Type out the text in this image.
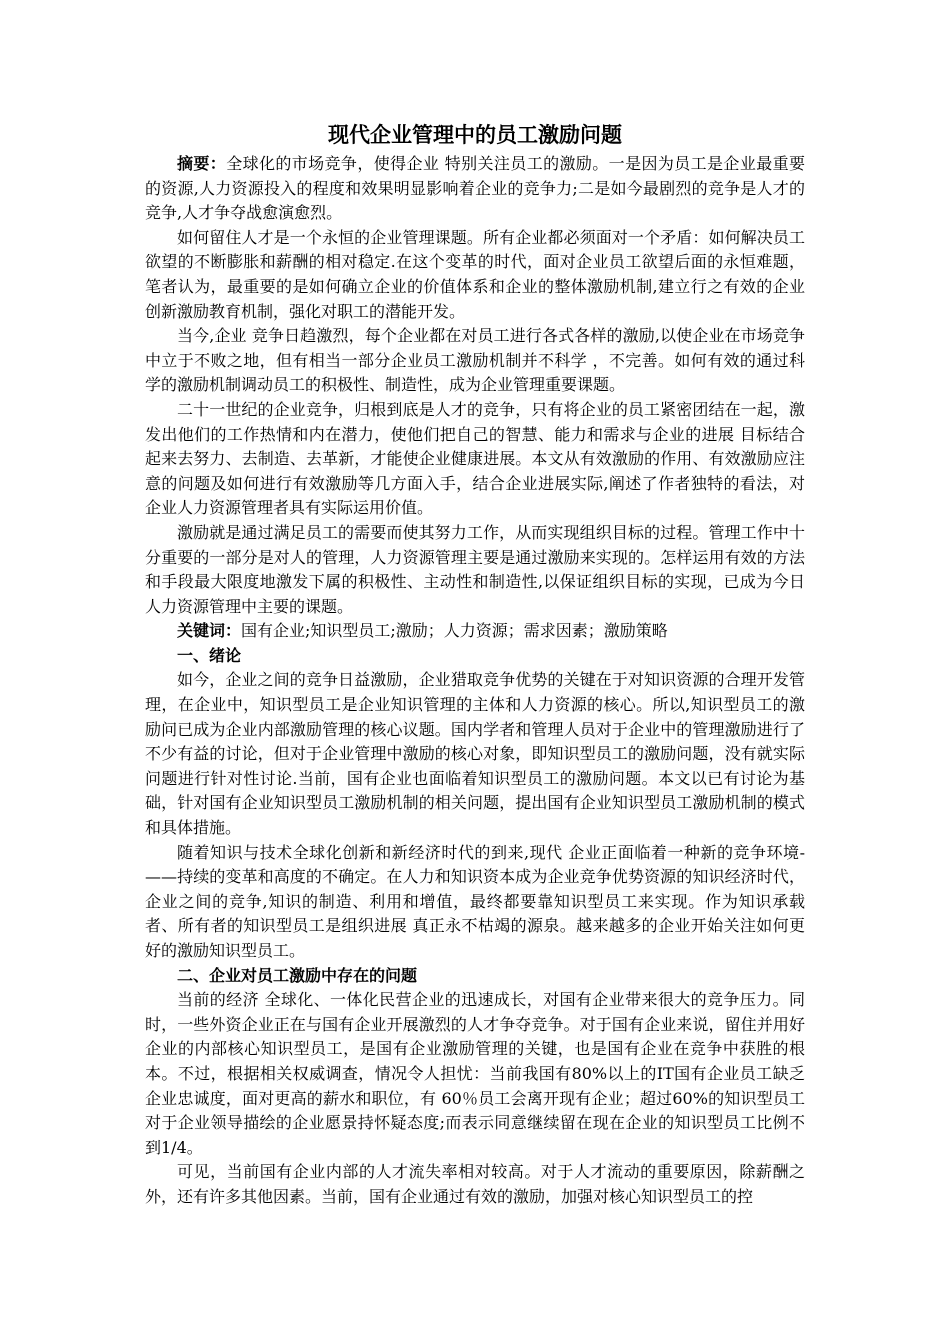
现代企业管理中的员工激励问题

摘要：全球化的市场竞争，使得企业 特别关注员工的激励。一是因为员工是企业最重要的资源,人力资源投入的程度和效果明显影响着企业的竞争力;二是如今最剧烈的竞争是人才的竞争,人才争夺战愈演愈烈。

如何留住人才是一个永恒的企业管理课题。所有企业都必须面对一个矛盾：如何解决员工欲望的不断膨胀和薪酬的相对稳定.在这个变革的时代，面对企业员工欲望后面的永恒难题，笔者认为，最重要的是如何确立企业的价值体系和企业的整体激励机制,建立行之有效的企业创新激励教育机制，强化对职工的潜能开发。

当今,企业 竞争日趋激烈，每个企业都在对员工进行各式各样的激励,以使企业在市场竞争中立于不败之地，但有相当一部分企业员工激励机制并不科学 ，不完善。如何有效的通过科学的激励机制调动员工的积极性、制造性，成为企业管理重要课题。

二十一世纪的企业竞争，归根到底是人才的竞争，只有将企业的员工紧密团结在一起，激发出他们的工作热情和内在潜力，使他们把自己的智慧、能力和需求与企业的进展 目标结合起来去努力、去制造、去革新，才能使企业健康进展。本文从有效激励的作用、有效激励应注意的问题及如何进行有效激励等几方面入手，结合企业进展实际,阐述了作者独特的看法，对企业人力资源管理者具有实际运用价值。

激励就是通过满足员工的需要而使其努力工作，从而实现组织目标的过程。管理工作中十分重要的一部分是对人的管理，人力资源管理主要是通过激励来实现的。怎样运用有效的方法和手段最大限度地激发下属的积极性、主动性和制造性,以保证组织目标的实现，已成为今日人力资源管理中主要的课题。

关键词：国有企业;知识型员工;激励；人力资源；需求因素；激励策略

一、绪论

如今，企业之间的竞争日益激励，企业猎取竞争优势的关键在于对知识资源的合理开发管理，在企业中，知识型员工是企业知识管理的主体和人力资源的核心。所以,知识型员工的激励问已成为企业内部激励管理的核心议题。国内学者和管理人员对于企业中的管理激励进行了不少有益的讨论，但对于企业管理中激励的核心对象，即知识型员工的激励问题，没有就实际问题进行针对性讨论.当前，国有企业也面临着知识型员工的激励问题。本文以已有讨论为基础，针对国有企业知识型员工激励机制的相关问题，提出国有企业知识型员工激励机制的模式和具体措施。

随着知识与技术全球化创新和新经济时代的到来,现代 企业正面临着一种新的竞争环境-——持续的变革和高度的不确定。在人力和知识资本成为企业竞争优势资源的知识经济时代，企业之间的竞争,知识的制造、利用和增值，最终都要靠知识型员工来实现。作为知识承载者、所有者的知识型员工是组织进展 真正永不枯竭的源泉。越来越多的企业开始关注如何更好的激励知识型员工。

二、企业对员工激励中存在的问题

当前的经济 全球化、一体化民营企业的迅速成长，对国有企业带来很大的竞争压力。同时，一些外资企业正在与国有企业开展激烈的人才争夺竞争。对于国有企业来说，留住并用好企业的内部核心知识型员工，是国有企业激励管理的关键，也是国有企业在竞争中获胜的根本。不过，根据相关权威调查，情况令人担忧：当前我国有80%以上的IT国有企业员工缺乏企业忠诚度，面对更高的薪水和职位，有 60％员工会离开现有企业；超过60%的知识型员工对于企业领导描绘的企业愿景持怀疑态度;而表示同意继续留在现在企业的知识型员工比例不到1/4。

可见，当前国有企业内部的人才流失率相对较高。对于人才流动的重要原因，除薪酬之外，还有许多其他因素。当前，国有企业通过有效的激励，加强对核心知识型员工的控
